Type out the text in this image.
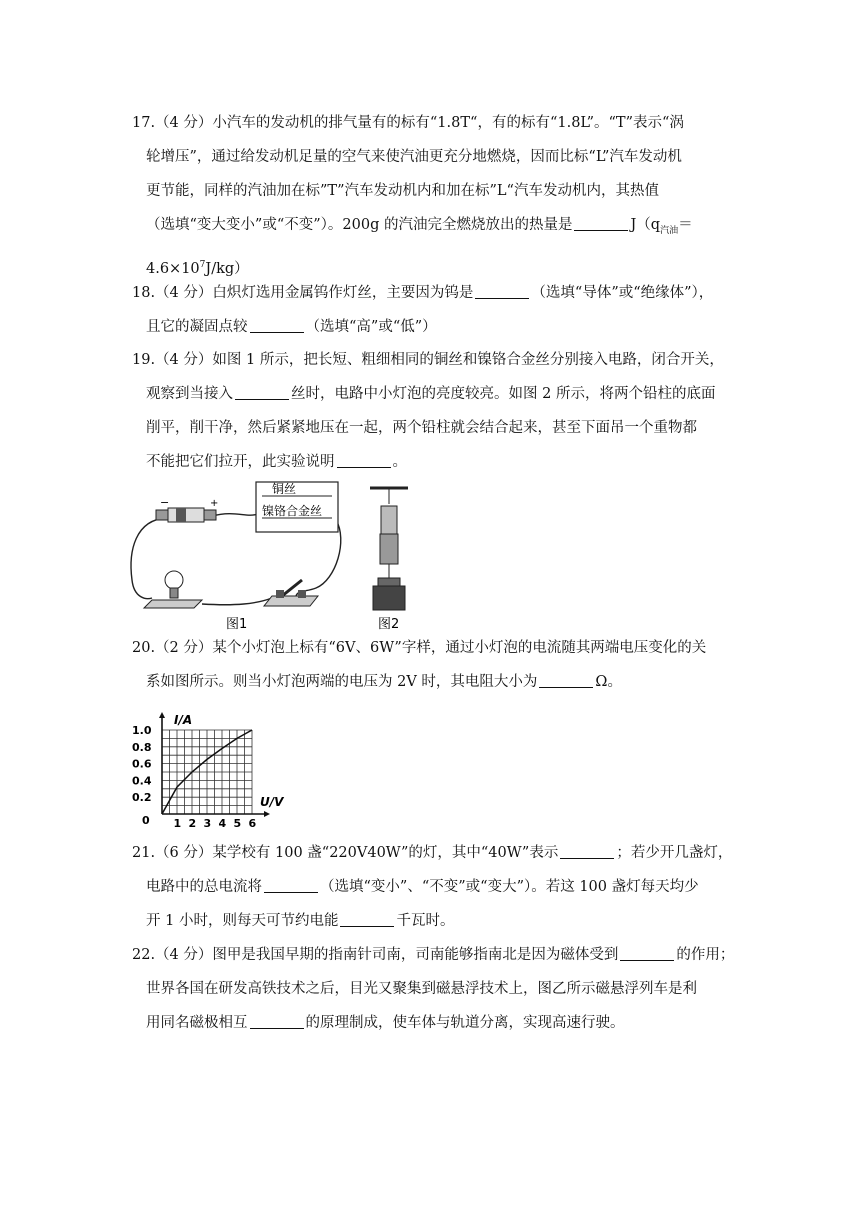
17.（4 分）小汽车的发动机的排气量有的标有“1.8T“，有的标有“1.8L”。“T”表示“涡
轮增压”，通过给发动机足量的空气来使汽油更充分地燃烧，因而比标“L”汽车发动机
更节能，同样的汽油加在标”T”汽车发动机内和加在标”L“汽车发动机内，其热值
（选填“变大变小”或“不变”）。200g 的汽油完全燃烧放出的热量是	$J(q_{汽油}=$
$4.6\times 10^7J/kg$）
18.（4 分）白炽灯选用金属钨作灯丝，主要因为钨是	（选填“导体”或“绝缘体”），
且它的凝固点较	（选填“高”或“低”）
19.（4 分）如图 1 所示，把长短、粗细相同的铜丝和镍铬合金丝分别接入电路，闭合开关，
观察到当接入	丝时，电路中小灯泡的亮度较亮。如图 2 所示，将两个铅柱的底面
削平，削干净，然后紧紧地压在一起，两个铅柱就会结合起来，甚至下面吊一个重物都
不能把它们拉开，此实验说明	。
−	+
铜丝
镍铬合金丝
图1	图2
20.（2 分）某个小灯泡上标有“6V、6W”字样，通过小灯泡的电流随其两端电压变化的关
系如图所示。则当小灯泡两端的电压为 2V 时，其电阻大小为	Ω。
I/A
U/V
0 1 2 3 4 5 6
0.2
0.4
0.6
0.8
1.0
21.（6 分）某学校有 100 盏“220V40W”的灯，其中“40W”表示	；若少开几盏灯，
电路中的总电流将	（选填“变小”、“不变”或“变大”）。若这 100 盏灯每天均少
开 1 小时，则每天可节约电能	千瓦时。
22.（4 分）图甲是我国早期的指南针司南，司南能够指南北是因为磁体受到	的作用；
世界各国在研发高铁技术之后，目光又聚集到磁悬浮技术上，图乙所示磁悬浮列车是利
用同名磁极相互	的原理制成，使车体与轨道分离，实现高速行驶。
